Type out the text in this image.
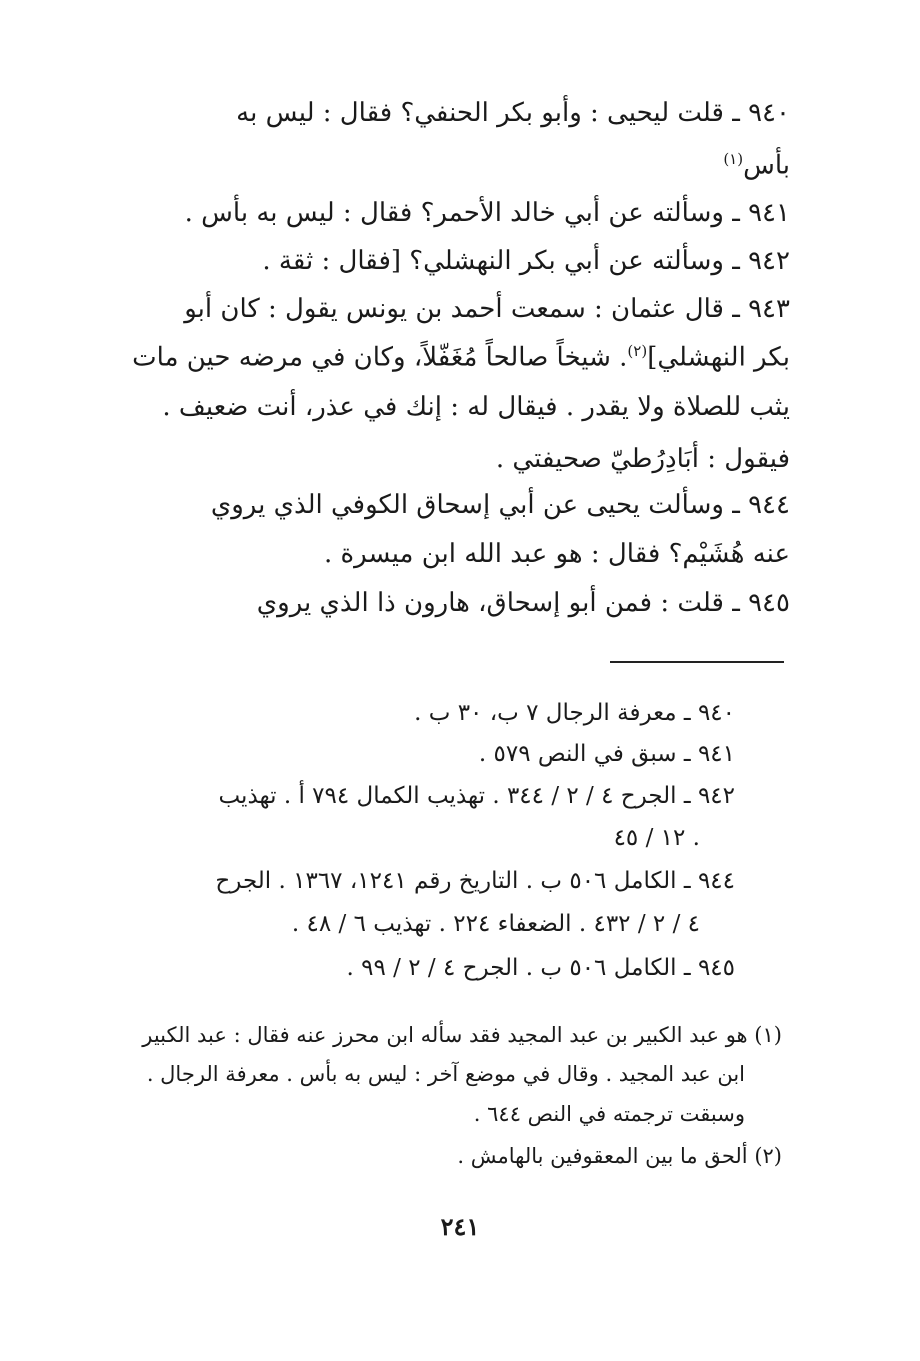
٩٤٠ ـ قلت ليحيى : وأبو بكر الحنفي؟ فقال : ليس به
بأس$^{(١)}$
٩٤١ ـ وسألته عن أبي خالد الأحمر؟ فقال : ليس به بأس .
٩٤٢ ـ وسألته عن أبي بكر النهشلي؟ [فقال : ثقة .
٩٤٣ ـ قال عثمان : سمعت أحمد بن يونس يقول : كان أبو
بكر النهشلي]$^{(٢)}$. شيخاً صالحاً مُغَفّلاً، وكان في مرضه حين مات
يثب للصلاة ولا يقدر . فيقال له : إنك في عذر، أنت ضعيف .
فيقول : أبَادِرُطيّ صحيفتي .
٩٤٤ ـ وسألت يحيى عن أبي إسحاق الكوفي الذي يروي
عنه هُشَيْم؟ فقال : هو عبد الله ابن ميسرة .
٩٤٥ ـ قلت : فمن أبو إسحاق، هارون ذا الذي يروي
٩٤٠ ـ معرفة الرجال ٧ ب، ٣٠ ب .
٩٤١ ـ سبق في النص ٥٧٩ .
٩٤٢ ـ الجرح ٤ / ٢ / ٣٤٤ . تهذيب الكمال ٧٩٤ أ . تهذيب
١٢ / ٤٥ .
٩٤٤ ـ الكامل ٥٠٦ ب . التاريخ رقم ١٢٤١، ١٣٦٧ . الجرح
٤ / ٢ / ٤٣٢ . الضعفاء ٢٢٤ . تهذيب ٦ / ٤٨ .
٩٤٥ ـ الكامل ٥٠٦ ب . الجرح ٤ / ٢ / ٩٩ .
(١) هو عبد الكبير بن عبد المجيد فقد سأله ابن محرز عنه فقال : عبد الكبير
ابن عبد المجيد . وقال في موضع آخر : ليس به بأس . معرفة الرجال .
وسبقت ترجمته في النص ٦٤٤ .
(٢) ألحق ما بين المعقوفين بالهامش .
٢٤١
